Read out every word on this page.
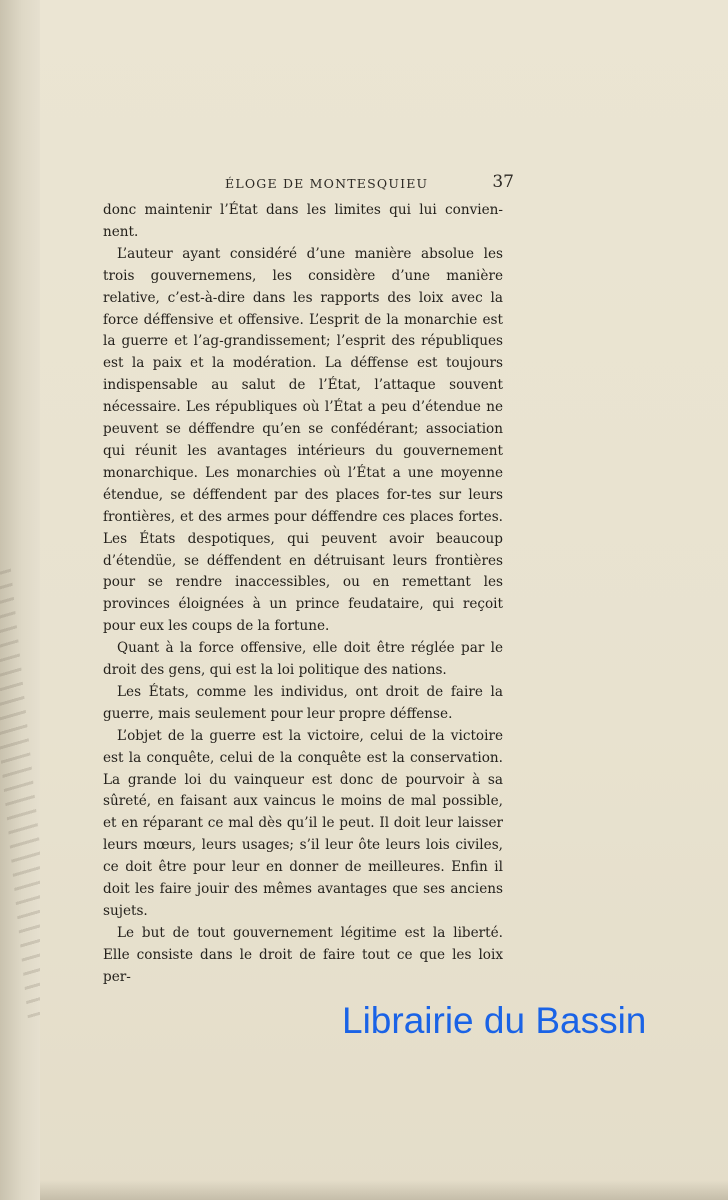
ÉLOGE DE MONTESQUIEU	37

donc maintenir l’État dans les limites qui lui convien-nent.

L’auteur ayant considéré d’une manière absolue les trois gouvernemens, les considère d’une manière relative, c’est-à-dire dans les rapports des loix avec la force déffensive et offensive. L’esprit de la monarchie est la guerre et l’ag-grandissement; l’esprit des républiques est la paix et la modération. La déffense est toujours indispensable au salut de l’État, l’attaque souvent nécessaire. Les républiques où l’État a peu d’étendue ne peuvent se déffendre qu’en se confédérant; association qui réunit les avantages intérieurs du gouvernement monarchique. Les monarchies où l’État a une moyenne étendue, se déffendent par des places for-tes sur leurs frontières, et des armes pour déffendre ces places fortes. Les États despotiques, qui peuvent avoir beaucoup d’étendüe, se déffendent en détruisant leurs frontières pour se rendre inaccessibles, ou en remettant les provinces éloignées à un prince feudataire, qui reçoit pour eux les coups de la fortune.

Quant à la force offensive, elle doit être réglée par le droit des gens, qui est la loi politique des nations.

Les États, comme les individus, ont droit de faire la guerre, mais seulement pour leur propre déffense.

L’objet de la guerre est la victoire, celui de la victoire est la conquête, celui de la conquête est la conservation. La grande loi du vainqueur est donc de pourvoir à sa sûreté, en faisant aux vaincus le moins de mal possible, et en réparant ce mal dès qu’il le peut. Il doit leur laisser leurs mœurs, leurs usages; s’il leur ôte leurs lois civiles, ce doit être pour leur en donner de meilleures. Enfin il doit les faire jouir des mêmes avantages que ses anciens sujets.

Le but de tout gouvernement légitime est la liberté. Elle consiste dans le droit de faire tout ce que les loix per-

Librairie du Bassin
